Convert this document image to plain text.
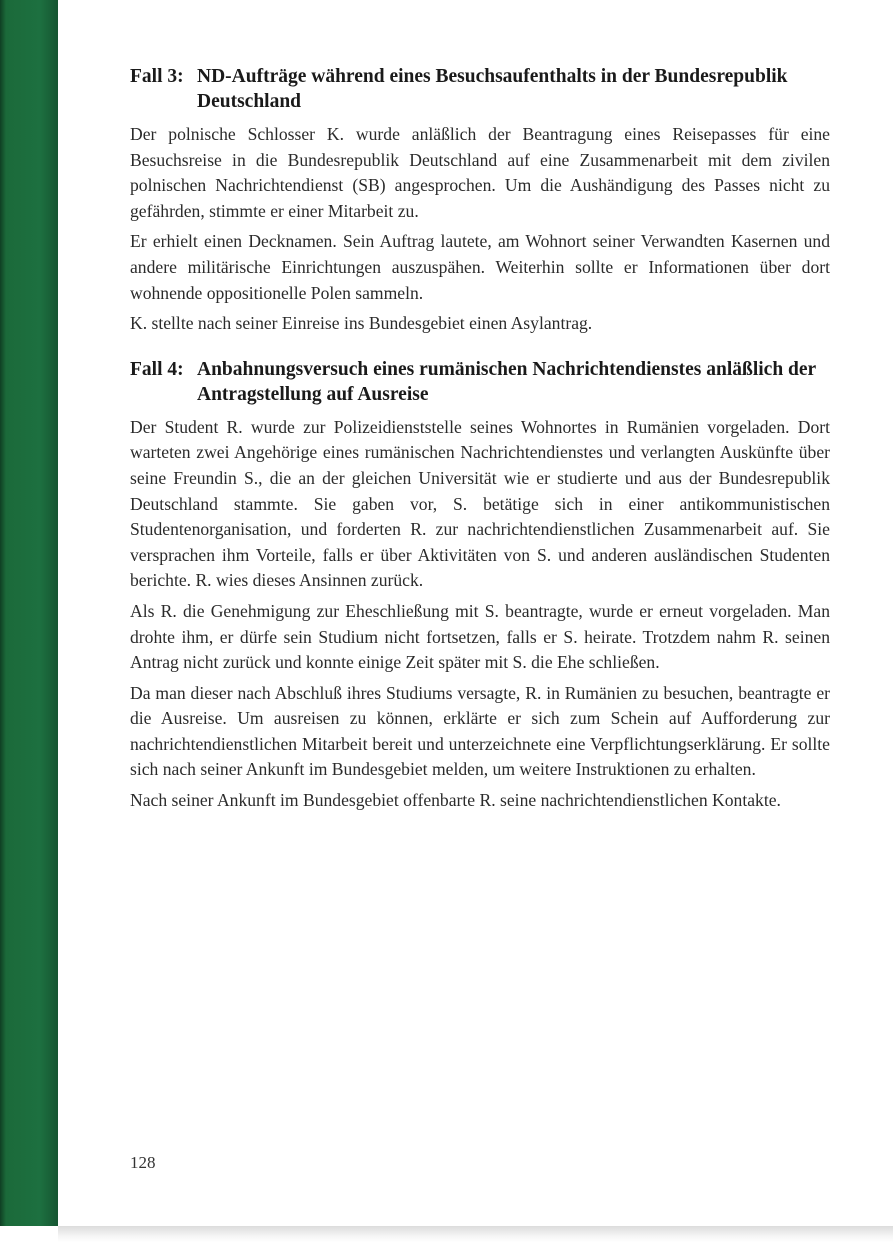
Fall 3: ND-Aufträge während eines Besuchsaufenthalts in der Bundesrepublik Deutschland

Der polnische Schlosser K. wurde anläßlich der Beantragung eines Reisepasses für eine Besuchsreise in die Bundesrepublik Deutschland auf eine Zusammenarbeit mit dem zivilen polnischen Nachrichtendienst (SB) angesprochen. Um die Aushändigung des Passes nicht zu gefährden, stimmte er einer Mitarbeit zu.

Er erhielt einen Decknamen. Sein Auftrag lautete, am Wohnort seiner Verwandten Kasernen und andere militärische Einrichtungen auszuspähen. Weiterhin sollte er Informationen über dort wohnende oppositionelle Polen sammeln.

K. stellte nach seiner Einreise ins Bundesgebiet einen Asylantrag.

Fall 4: Anbahnungsversuch eines rumänischen Nachrichtendienstes anläßlich der Antragstellung auf Ausreise

Der Student R. wurde zur Polizeidienststelle seines Wohnortes in Rumänien vorgeladen. Dort warteten zwei Angehörige eines rumänischen Nachrichtendienstes und verlangten Auskünfte über seine Freundin S., die an der gleichen Universität wie er studierte und aus der Bundesrepublik Deutschland stammte. Sie gaben vor, S. betätige sich in einer antikommunistischen Studentenorganisation, und forderten R. zur nachrichtendienstlichen Zusammenarbeit auf. Sie versprachen ihm Vorteile, falls er über Aktivitäten von S. und anderen ausländischen Studenten berichte. R. wies dieses Ansinnen zurück.

Als R. die Genehmigung zur Eheschließung mit S. beantragte, wurde er erneut vorgeladen. Man drohte ihm, er dürfe sein Studium nicht fortsetzen, falls er S. heirate. Trotzdem nahm R. seinen Antrag nicht zurück und konnte einige Zeit später mit S. die Ehe schließen.

Da man dieser nach Abschluß ihres Studiums versagte, R. in Rumänien zu besuchen, beantragte er die Ausreise. Um ausreisen zu können, erklärte er sich zum Schein auf Aufforderung zur nachrichtendienstlichen Mitarbeit bereit und unterzeichnete eine Verpflichtungserklärung. Er sollte sich nach seiner Ankunft im Bundesgebiet melden, um weitere Instruktionen zu erhalten.

Nach seiner Ankunft im Bundesgebiet offenbarte R. seine nachrichtendienstlichen Kontakte.

128
